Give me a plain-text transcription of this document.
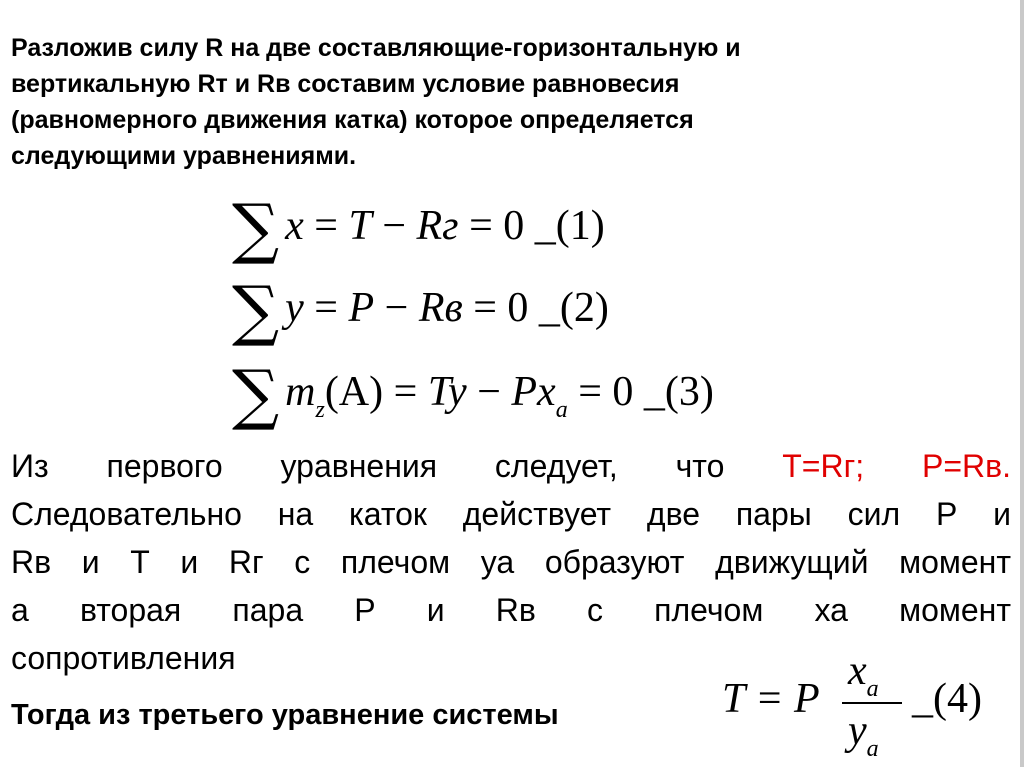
Разложив силу R на две составляющие-горизонтальную и
вертикальную Rт и Rв составим условие равновесия
(равномерного движения катка) которое определяется
следующими уравнениями.
∑ x = T − Rг = 0 _(1)
∑ y = P − Rв = 0 _(2)
∑ $m_z(A) = Ty - Px_a = 0$ _(3)
Из первого уравнения следует, что Т=Rг; Р=Rв.
Следовательно на каток действует две пары сил Р и
Rв и Т и Rг с плечом уа образуют движущий момент
а вторая пара Р и Rв с плечом ха момент
сопротивления
Тогда из третьего уравнение системы	T = P
$x_a$
$y_a$
_(4)
